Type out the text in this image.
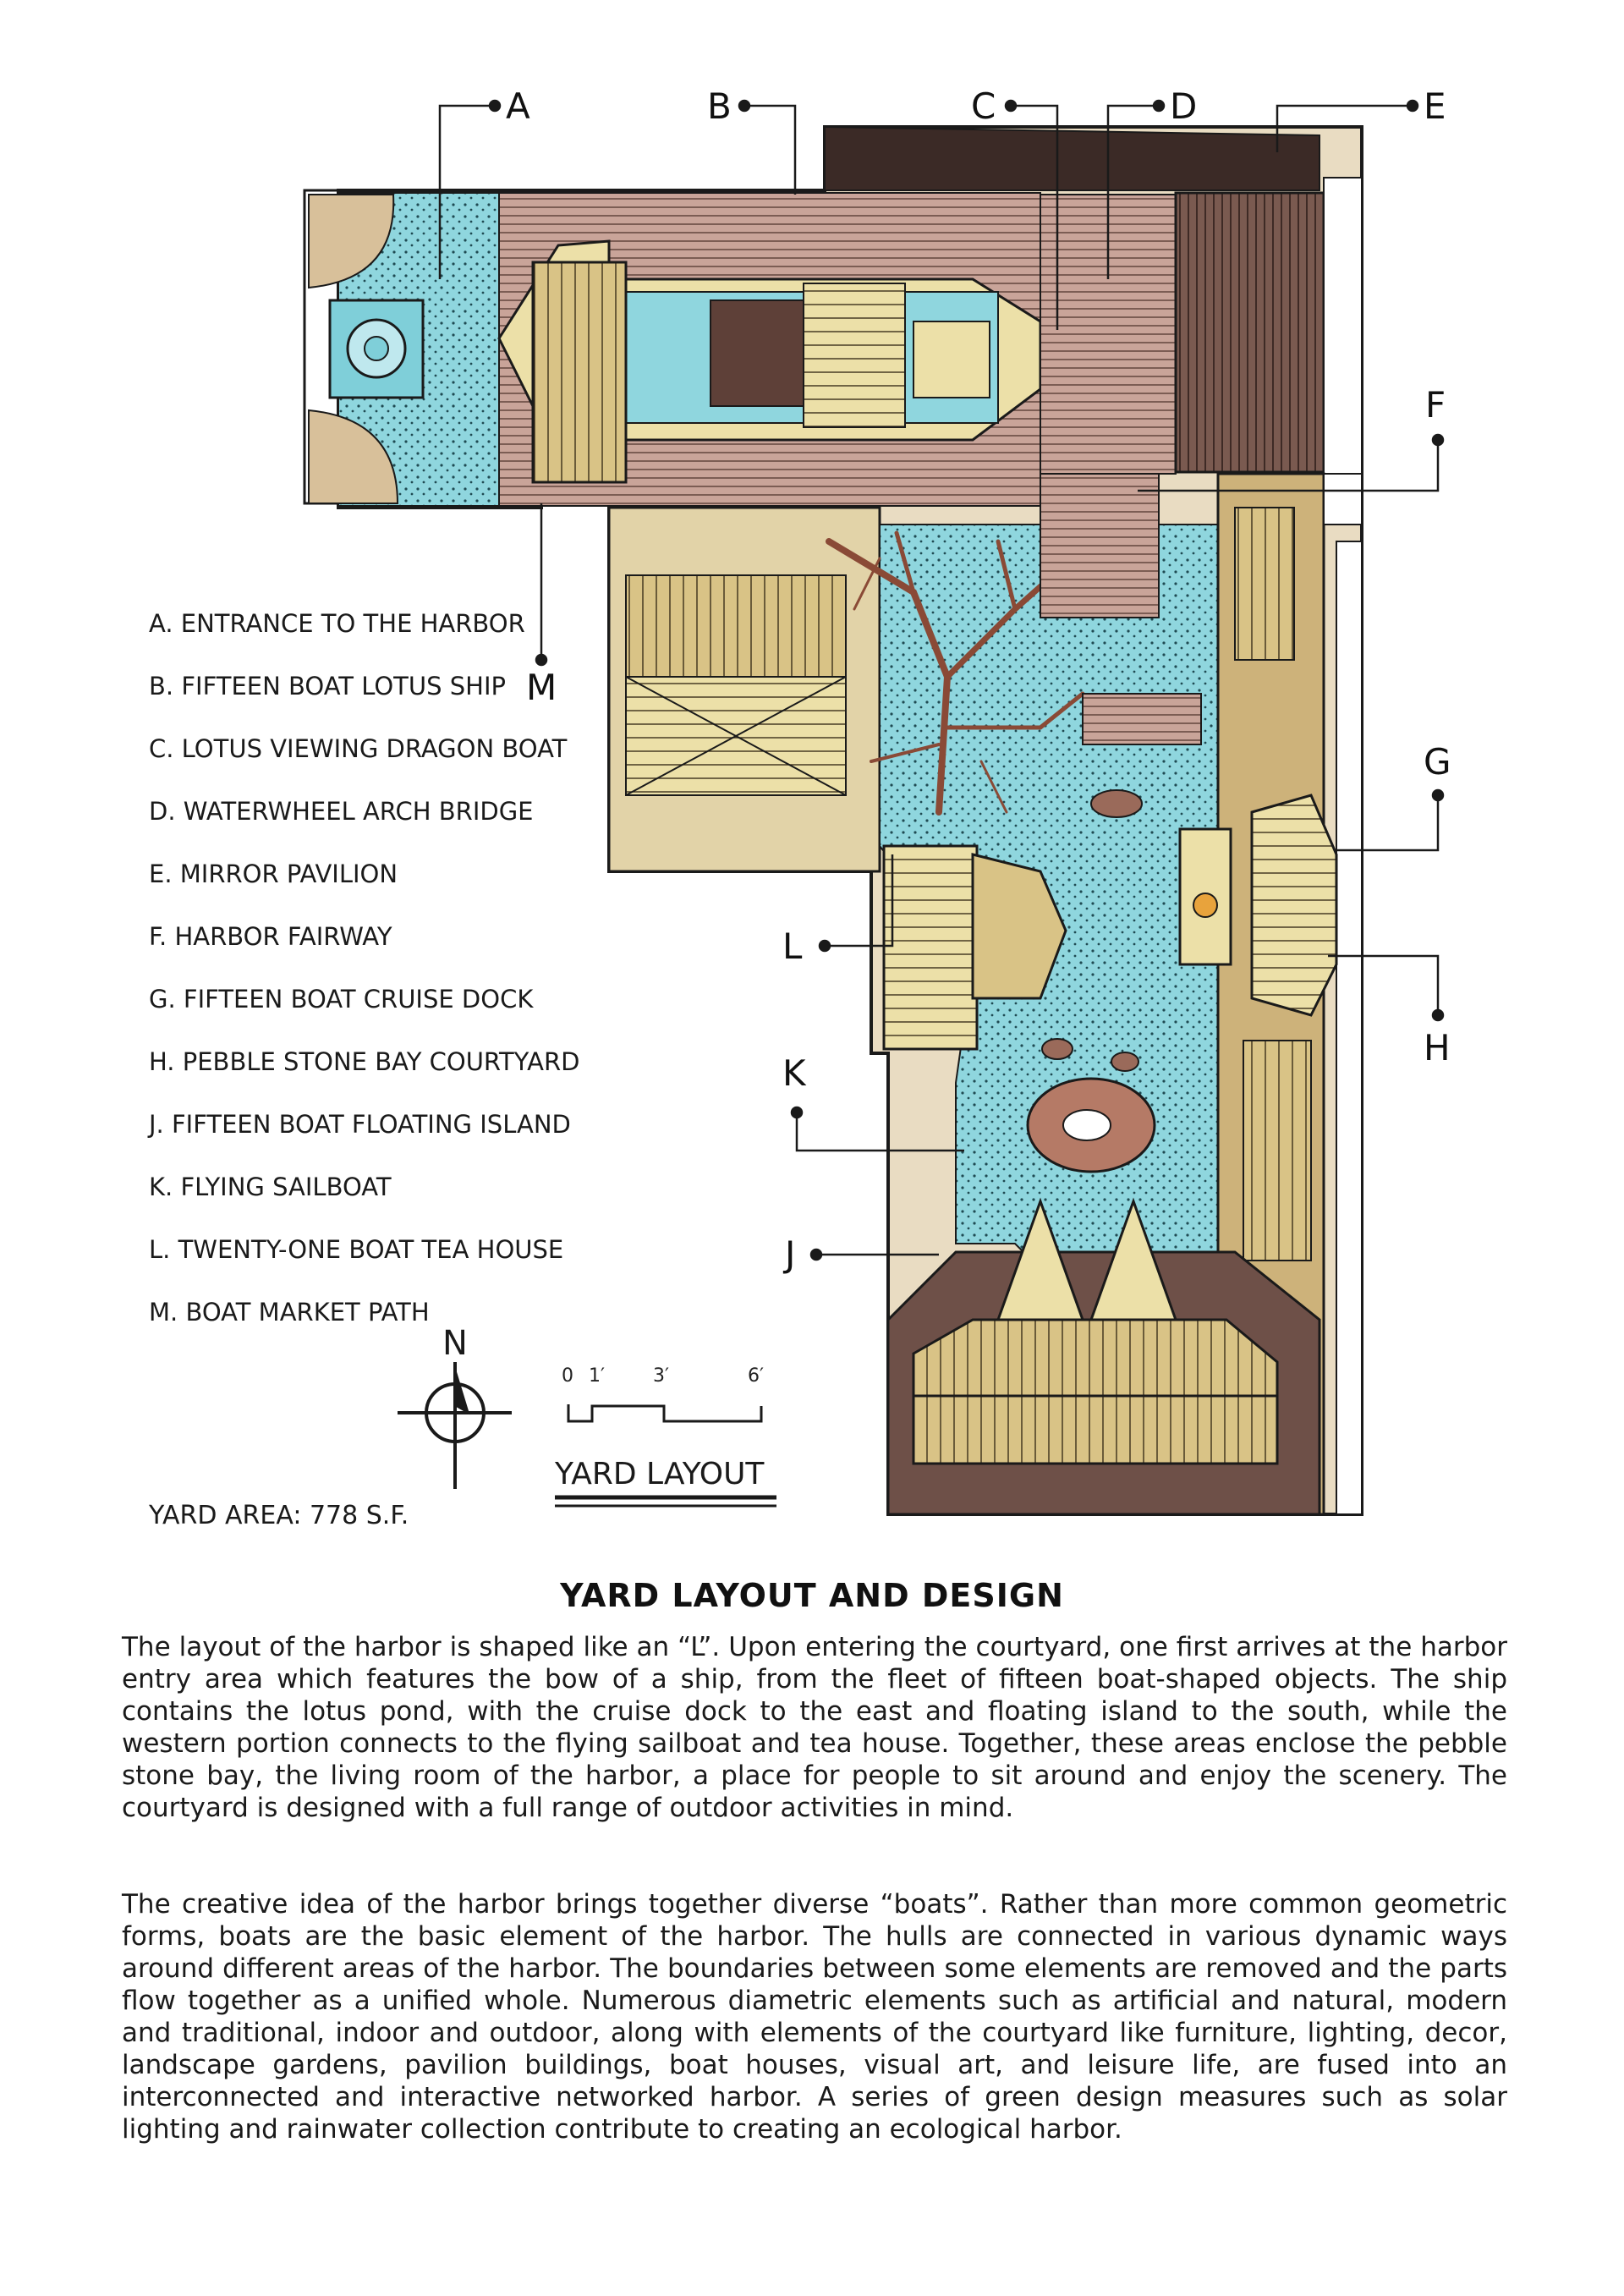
A	B	C	D	E
F
G
H
J
K
L
M
A. ENTRANCE TO THE HARBOR
B. FIFTEEN BOAT LOTUS SHIP
C. LOTUS VIEWING DRAGON BOAT
D. WATERWHEEL ARCH BRIDGE
E. MIRROR PAVILION
F. HARBOR FAIRWAY
G. FIFTEEN BOAT CRUISE DOCK
H. PEBBLE STONE BAY COURTYARD
J. FIFTEEN BOAT FLOATING ISLAND
K. FLYING SAILBOAT
L. TWENTY-ONE BOAT TEA HOUSE
M. BOAT MARKET PATH
N
0 1′	3′	6′
YARD LAYOUT
YARD AREA: 778 S.F.
YARD LAYOUT AND DESIGN

The layout of the harbor is shaped like an “L”. Upon entering the courtyard, one first arrives at the harbor entry area which features the bow of a ship, from the fleet of fifteen boat-shaped objects. The ship contains the lotus pond, with the cruise dock to the east and floating island to the south, while the western portion connects to the flying sailboat and tea house. Together, these areas enclose the pebble stone bay, the living room of the harbor, a place for people to sit around and enjoy the scenery. The courtyard is designed with a full range of outdoor activities in mind.

The creative idea of the harbor brings together diverse “boats”. Rather than more common geometric forms, boats are the basic element of the harbor. The hulls are connected in various dynamic ways around different areas of the harbor. The boundaries between some elements are removed and the parts flow together as a unified whole. Numerous diametric elements such as artificial and natural, modern and traditional, indoor and outdoor, along with elements of the courtyard like furniture, lighting, decor, landscape gardens, pavilion buildings, boat houses, visual art, and leisure life, are fused into an interconnected and interactive networked harbor. A series of green design measures such as solar lighting and rainwater collection contribute to creating an ecological harbor.
